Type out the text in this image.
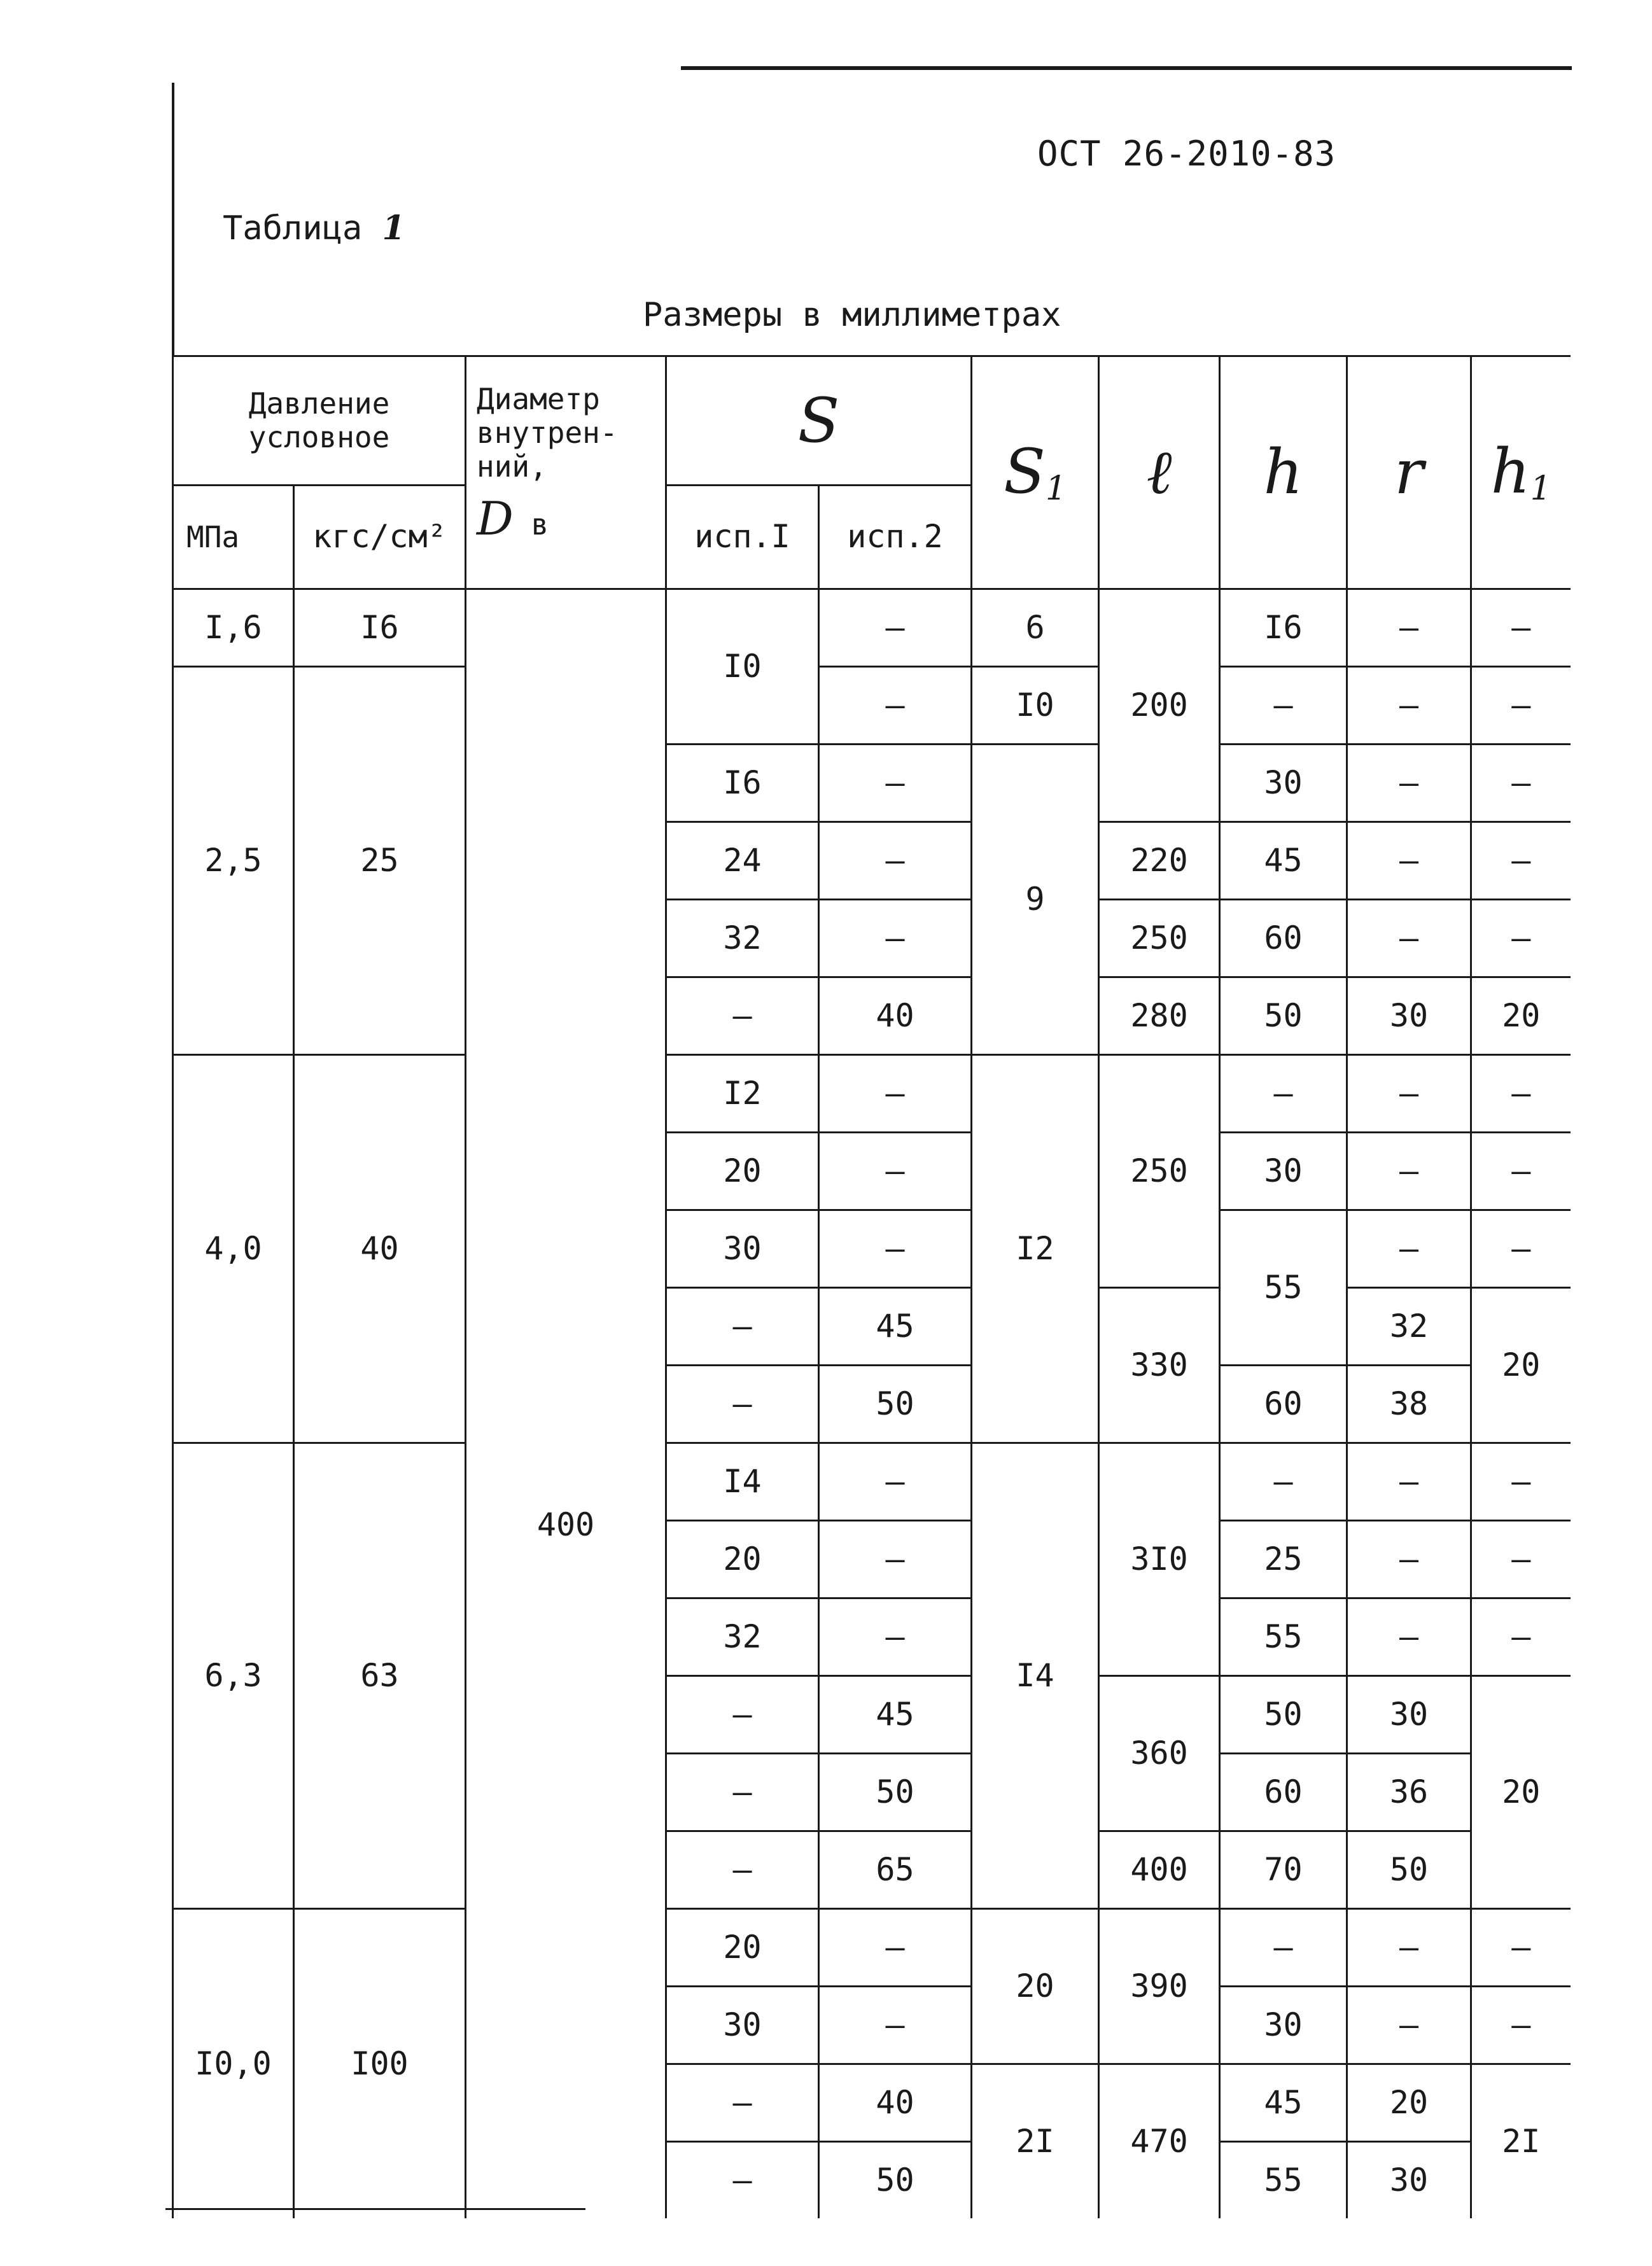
ОСТ 26-2010-83
Таблица 1
Размеры в миллиметрах
Давление условное		Диаметр внутрен-ний,
D в	S		$S_1$	ℓ	h	r	$h_1$
МПа	кгс/см²		исп.I	исп.2					
I,6	I6	400	I0	–	6	200	I6	–	–
2,5	25			–	I0		–	–	–
			I6	–	9		30	–	–
			24	–		220	45	–	–
			32	–		250	60	–	–
			–	40		280	50	30	20
4,0	40		I2	–	I2	250	–	–	–
			20	–			30	–	–
			30	–			55	–	–
			–	45		330		32	20
			–	50			60	38	
6,3	63		I4	–	I4	3I0	–	–	–
			20	–			25	–	–
			32	–			55	–	–
			–	45		360	50	30	20
			–	50			60	36	
			–	65		400	70	50	
I0,0	I00		20	–	20	390	–	–	–
			30	–			30	–	–
			–	40	2I	470	45	20	2I
			–	50			55	30	
